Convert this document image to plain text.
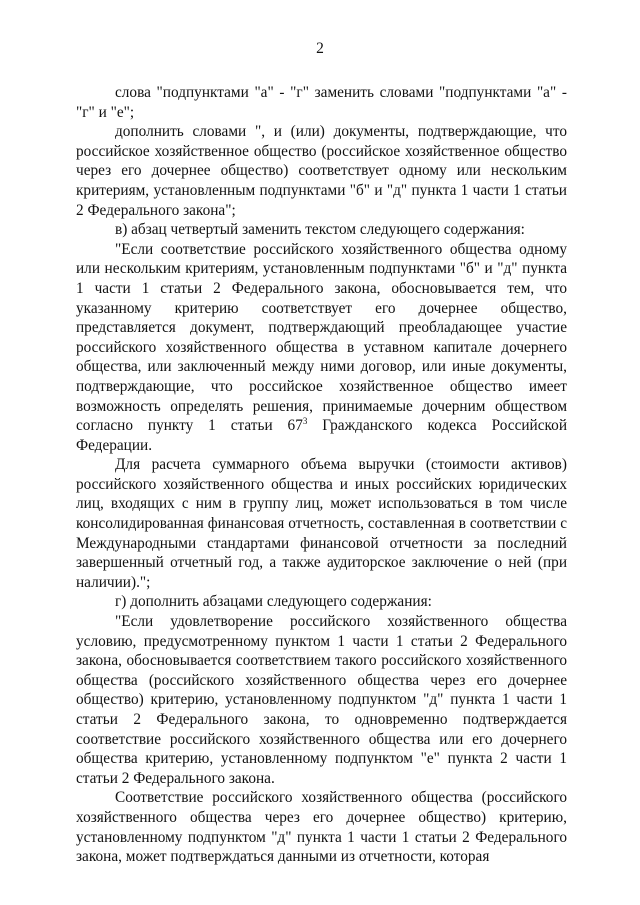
2

слова "подпунктами "а" - "г" заменить словами "подпунктами "а" - "г" и "е";

дополнить словами ", и (или) документы, подтверждающие, что российское хозяйственное общество (российское хозяйственное общество через его дочернее общество) соответствует одному или нескольким критериям, установленным подпунктами "б" и "д" пункта 1 части 1 статьи 2 Федерального закона";

в) абзац четвертый заменить текстом следующего содержания:

"Если соответствие российского хозяйственного общества одному или нескольким критериям, установленным подпунктами "б" и "д" пункта 1 части 1 статьи 2 Федерального закона, обосновывается тем, что указанному критерию соответствует его дочернее общество, представляется документ, подтверждающий преобладающее участие российского хозяйственного общества в уставном капитале дочернего общества, или заключенный между ними договор, или иные документы, подтверждающие, что российское хозяйственное общество имеет возможность определять решения, принимаемые дочерним обществом согласно пункту 1 статьи $67^3$ Гражданского кодекса Российской Федерации.

Для расчета суммарного объема выручки (стоимости активов) российского хозяйственного общества и иных российских юридических лиц, входящих с ним в группу лиц, может использоваться в том числе консолидированная финансовая отчетность, составленная в соответствии с Международными стандартами финансовой отчетности за последний завершенный отчетный год, а также аудиторское заключение о ней (при наличии).";

г) дополнить абзацами следующего содержания:

"Если удовлетворение российского хозяйственного общества условию, предусмотренному пунктом 1 части 1 статьи 2 Федерального закона, обосновывается соответствием такого российского хозяйственного общества (российского хозяйственного общества через его дочернее общество) критерию, установленному подпунктом "д" пункта 1 части 1 статьи 2 Федерального закона, то одновременно подтверждается соответствие российского хозяйственного общества или его дочернего общества критерию, установленному подпунктом "е" пункта 2 части 1 статьи 2 Федерального закона.

Соответствие российского хозяйственного общества (российского хозяйственного общества через его дочернее общество) критерию, установленному подпунктом "д" пункта 1 части 1 статьи 2 Федерального закона, может подтверждаться данными из отчетности, которая
